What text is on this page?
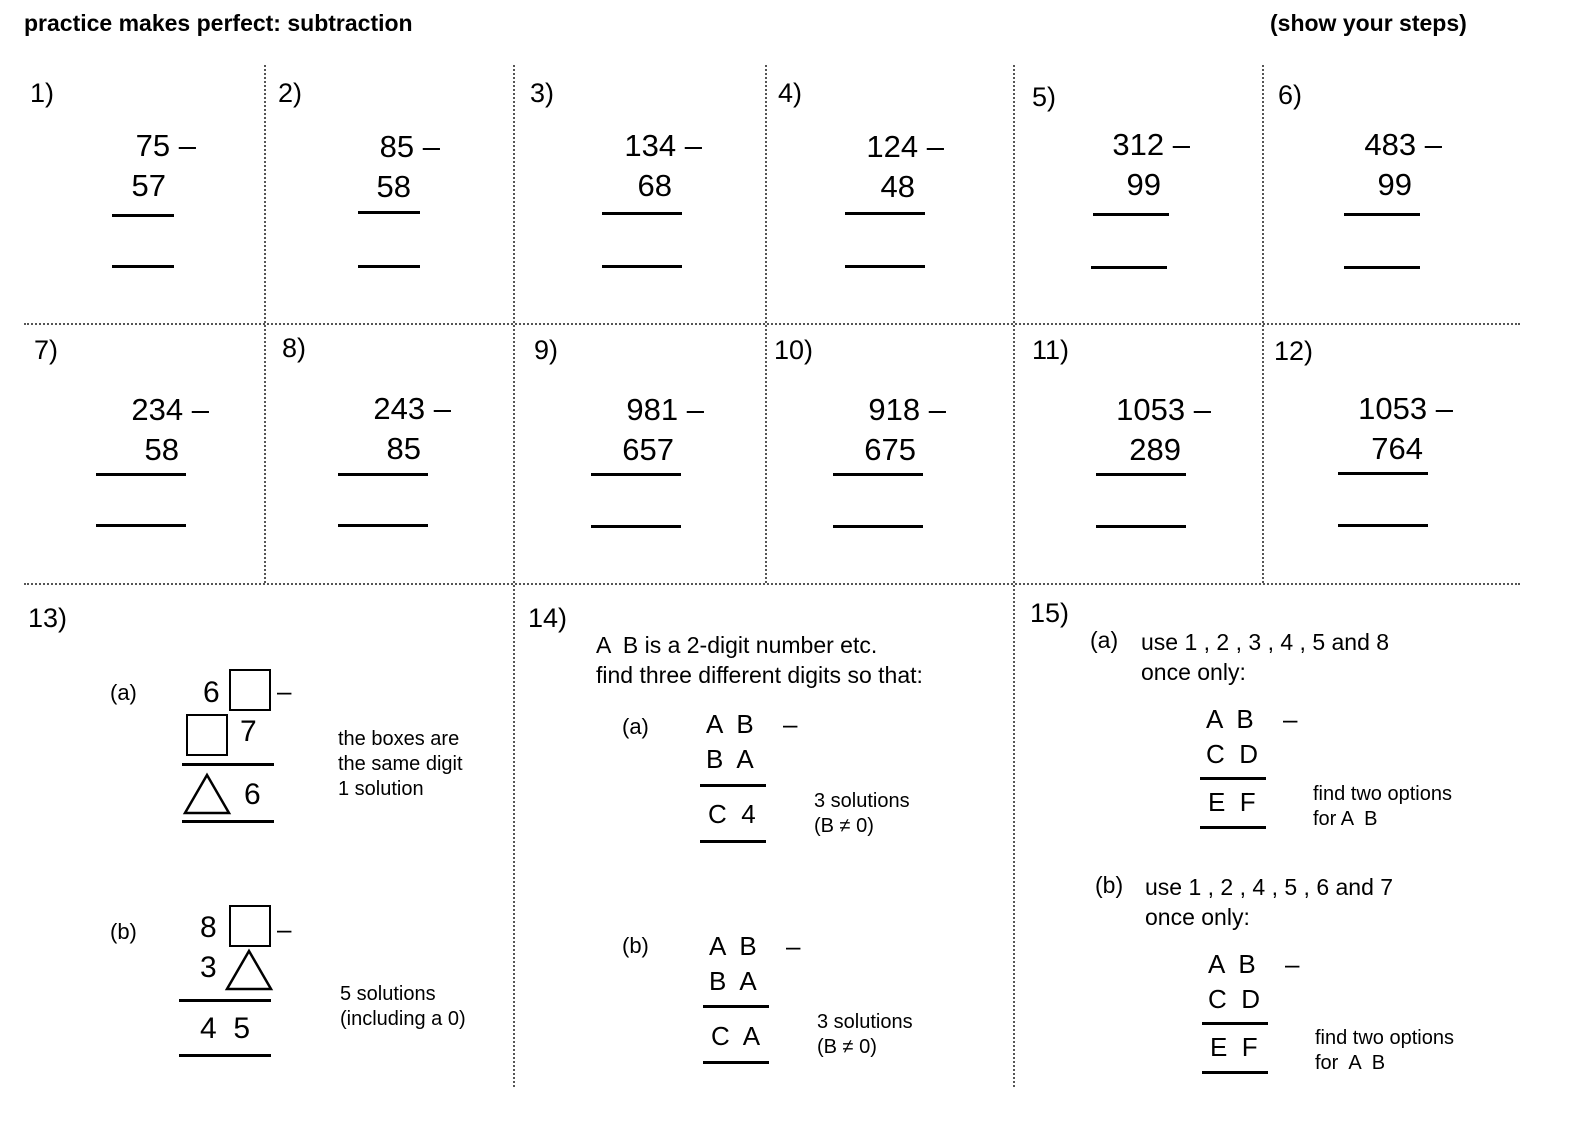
practice makes perfect: subtraction	(show your steps)
1)
75 –
57
2)
85 –
58
3)
134 –
68
4)
124 –
48
5)
312 –
99
6)
483 –
99
7)
234 –
58
8)
243 –
85
9)
981 –
657
10)
918 –
675
11)
1053 –
289
12)
1053 –
764
13)
(a) 6 –
7
6
the boxes are
the same digit
1 solution
(b) 8 –
3
4  5
5 solutions
(including a 0)
14)
A  B is a 2-digit number etc.
find three different digits so that:
(a) A  B –
B  A
C  4	3 solutions
(B ≠ 0)
(b) A  B –
B  A
C  A	3 solutions
(B ≠ 0)
15)
(a) use 1 , 2 , 3 , 4 , 5 and 8
once only:
A  B –
C  D
E  F	find two options
for A  B
(b) use 1 , 2 , 4 , 5 , 6 and 7
once only:
A  B –
C  D
E  F	find two options
for  A  B
